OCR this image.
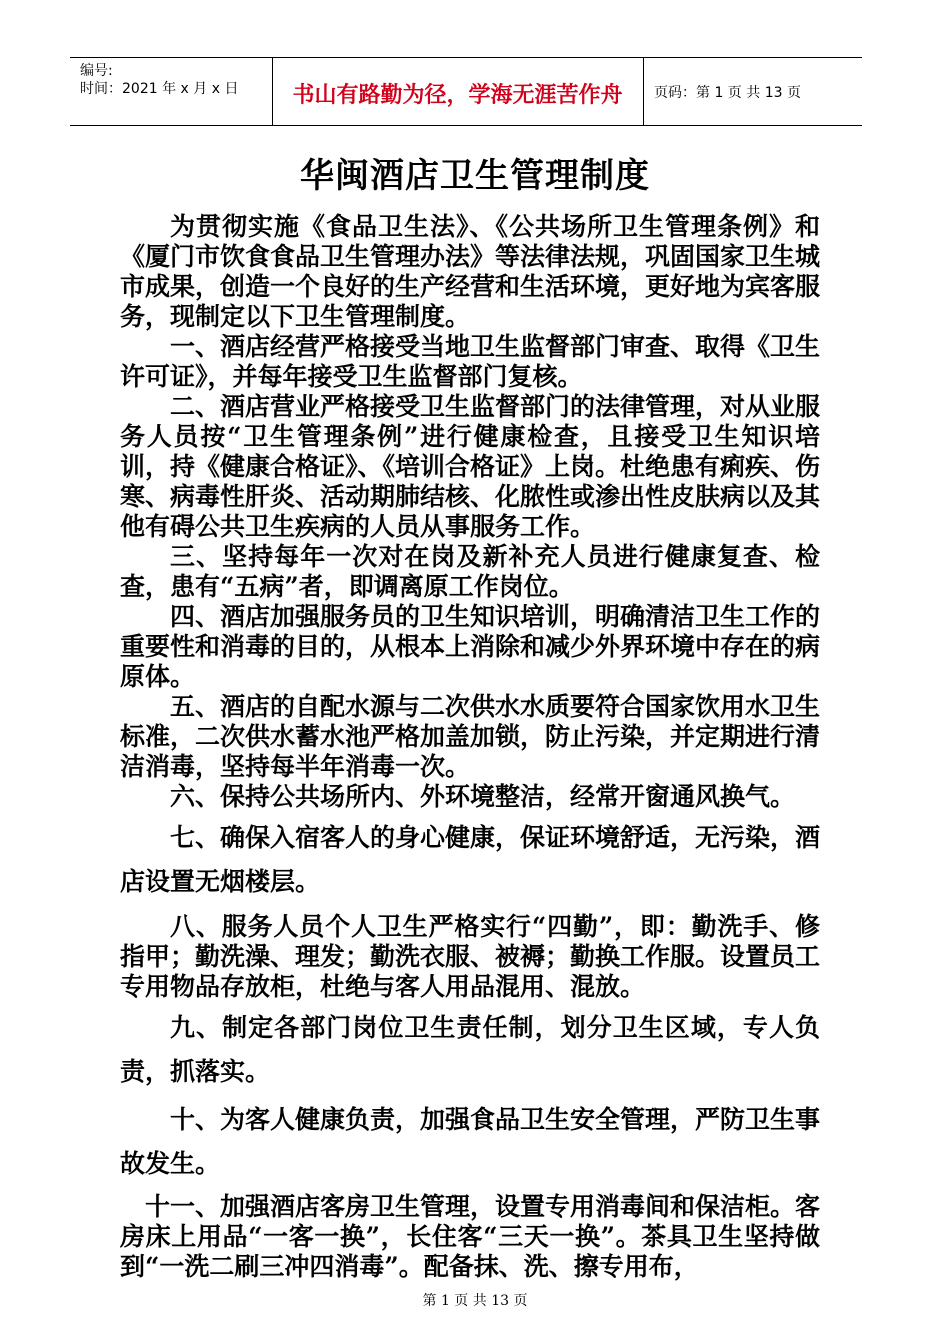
编号:
时间：2021 年 x 月 x 日	书山有路勤为径，学海无涯苦作舟	页码：第 1 页 共 13 页
华闽酒店卫生管理制度

为贯彻实施《食品卫生法》、《公共场所卫生管理条例》和《厦门市饮食食品卫生管理办法》等法律法规，巩固国家卫生城市成果，创造一个良好的生产经营和生活环境，更好地为宾客服务，现制定以下卫生管理制度。

一、酒店经营严格接受当地卫生监督部门审查、取得《卫生许可证》，并每年接受卫生监督部门复核。

二、酒店营业严格接受卫生监督部门的法律管理，对从业服务人员按“卫生管理条例”进行健康检查，且接受卫生知识培训，持《健康合格证》、《培训合格证》上岗。杜绝患有痢疾、伤寒、病毒性肝炎、活动期肺结核、化脓性或渗出性皮肤病以及其他有碍公共卫生疾病的人员从事服务工作。

三、坚持每年一次对在岗及新补充人员进行健康复查、检查，患有“五病”者，即调离原工作岗位。

四、酒店加强服务员的卫生知识培训，明确清洁卫生工作的重要性和消毒的目的，从根本上消除和减少外界环境中存在的病原体。

五、酒店的自配水源与二次供水水质要符合国家饮用水卫生标准，二次供水蓄水池严格加盖加锁，防止污染，并定期进行清洁消毒，坚持每半年消毒一次。

六、保持公共场所内、外环境整洁，经常开窗通风换气。

七、确保入宿客人的身心健康，保证环境舒适，无污染，酒店设置无烟楼层。

八、服务人员个人卫生严格实行“四勤”，即：勤洗手、修指甲；勤洗澡、理发；勤洗衣服、被褥；勤换工作服。设置员工专用物品存放柜，杜绝与客人用品混用、混放。

九、制定各部门岗位卫生责任制，划分卫生区域，专人负责，抓落实。

十、为客人健康负责，加强食品卫生安全管理，严防卫生事故发生。

十一、加强酒店客房卫生管理，设置专用消毒间和保洁柜。客房床上用品“一客一换”，长住客“三天一换”。茶具卫生坚持做到“一洗二刷三冲四消毒”。配备抹、洗、擦专用布，

第 1 页 共 13 页
